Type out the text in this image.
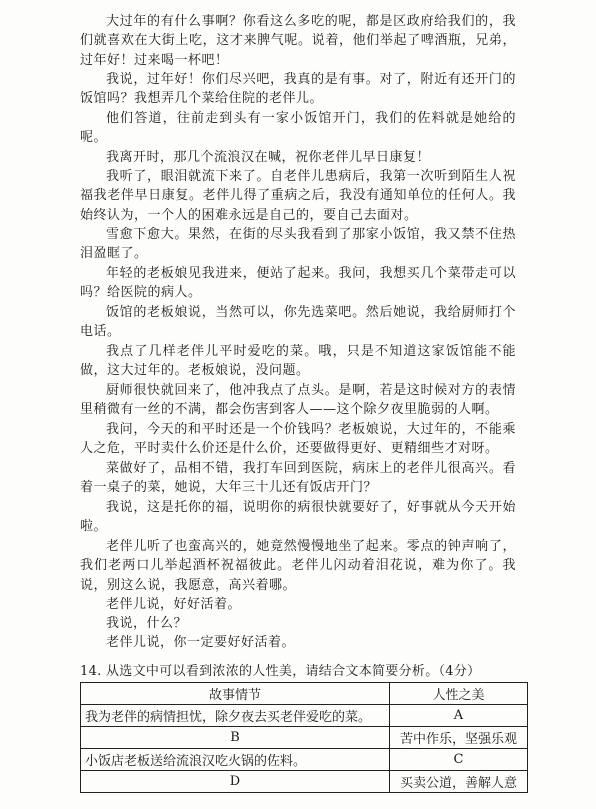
大过年的有什么事啊？你看这么多吃的呢，都是区政府给我们的，我们就喜欢在大街上吃，这才来脾气呢。说着，他们举起了啤酒瓶，兄弟，过年好！过来喝一杯吧！

我说，过年好！你们尽兴吧，我真的是有事。对了，附近有还开门的饭馆吗？我想弄几个菜给住院的老伴儿。

他们答道，往前走到头有一家小饭馆开门，我们的佐料就是她给的呢。

我离开时，那几个流浪汉在喊，祝你老伴儿早日康复！

我听了，眼泪就流下来了。自老伴儿患病后，我第一次听到陌生人祝福我老伴早日康复。老伴儿得了重病之后，我没有通知单位的任何人。我始终认为，一个人的困难永远是自己的，要自己去面对。

雪愈下愈大。果然，在街的尽头我看到了那家小饭馆，我又禁不住热泪盈眶了。

年轻的老板娘见我进来，便站了起来。我问，我想买几个菜带走可以吗？给医院的病人。

饭馆的老板娘说，当然可以，你先选菜吧。然后她说，我给厨师打个电话。

我点了几样老伴儿平时爱吃的菜。哦，只是不知道这家饭馆能不能做，这大过年的。老板娘说，没问题。

厨师很快就回来了，他冲我点了点头。是啊，若是这时候对方的表情里稍微有一丝的不满，都会伤害到客人——这个除夕夜里脆弱的人啊。

我问，今天的和平时还是一个价钱吗？老板娘说，大过年的，不能乘人之危，平时卖什么价还是什么价，还要做得更好、更精细些才对呀。

菜做好了，品相不错，我打车回到医院，病床上的老伴儿很高兴。看着一桌子的菜，她说，大年三十儿还有饭店开门？

我说，这是托你的福，说明你的病很快就要好了，好事就从今天开始啦。

老伴儿听了也蛮高兴的，她竟然慢慢地坐了起来。零点的钟声响了，我们老两口儿举起酒杯祝福彼此。老伴儿闪动着泪花说，难为你了。我说，别这么说，我愿意，高兴着哪。

老伴儿说，好好活着。

我说，什么？

老伴儿说，你一定要好好活着。

14. 从选文中可以看到浓浓的人性美，请结合文本简要分析。（4分）
故事情节	人性之美
我为老伴的病情担忧，除夕夜去买老伴爱吃的菜。	A
B	苦中作乐，坚强乐观
小饭店老板送给流浪汉吃火锅的佐料。	C
D	买卖公道，善解人意
